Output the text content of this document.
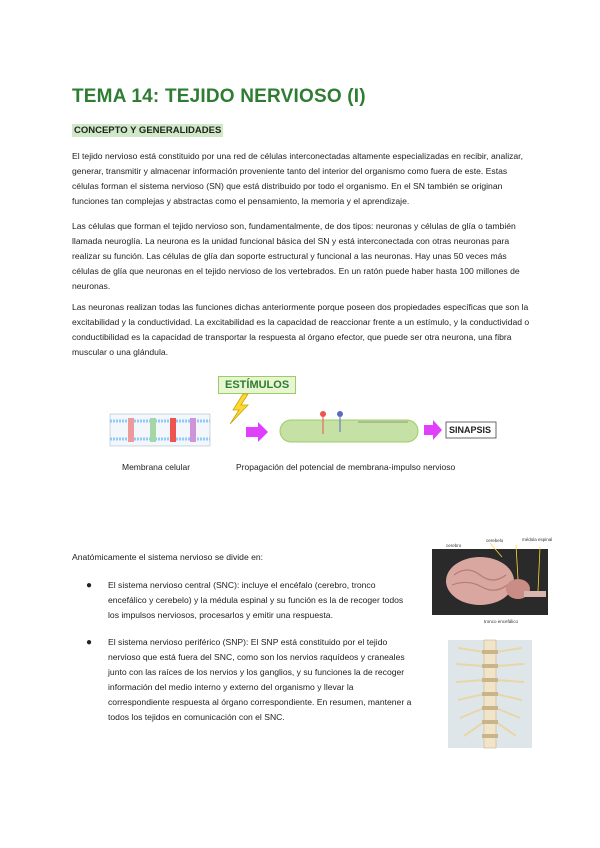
TEMA 14: TEJIDO NERVIOSO (I)
CONCEPTO Y GENERALIDADES

El tejido nervioso está constituido por una red de células interconectadas altamente especializadas en recibir, analizar, generar, transmitir y almacenar información proveniente tanto del interior del organismo como fuera de este. Estas células forman el sistema nervioso (SN) que está distribuido por todo el organismo. En el SN también se originan funciones tan complejas y abstractas como el pensamiento, la memoria y el aprendizaje.

Las células que forman el tejido nervioso son, fundamentalmente, de dos tipos: neuronas y células de glía o también llamada neuroglía. La neurona es la unidad funcional básica del SN y está interconectada con otras neuronas para realizar su función. Las células de glía dan soporte estructural y funcional a las neuronas. Hay unas 50 veces más células de glía que neuronas en el tejido nervioso de los vertebrados. En un ratón puede haber hasta 100 millones de neuronas.

Las neuronas realizan todas las funciones dichas anteriormente porque poseen dos propiedades específicas que son la excitabilidad y la conductividad. La excitabilidad es la capacidad de reaccionar frente a un estímulo, y la conductividad o conductibilidad es la capacidad de transportar la respuesta al órgano efector, que puede ser otra neurona, una fibra muscular o una glándula.

ESTÍMULOS
SINAPSIS
Membrana celular	Propagación del potencial de membrana-impulso nervioso
Anatómicamente el sistema nervioso se divide en:
● El sistema nervioso central (SNC): incluye el encéfalo (cerebro, tronco encefálico y cerebelo) y la médula espinal y su función es la de recoger todos los impulsos nerviosos, procesarlos y emitir una respuesta.
● El sistema nervioso periférico (SNP): El SNP está constituido por el tejido nervioso que está fuera del SNC, como son los nervios raquídeos y craneales junto con las raíces de los nervios y los ganglios, y su funciones la de recoger información del medio interno y externo del organismo y llevar la correspondiente respuesta al órgano correspondiente. En resumen, mantener a todos los tejidos en comunicación con el SNC.
cerebro
cerebelo	médula espinal
tronco encefálico
